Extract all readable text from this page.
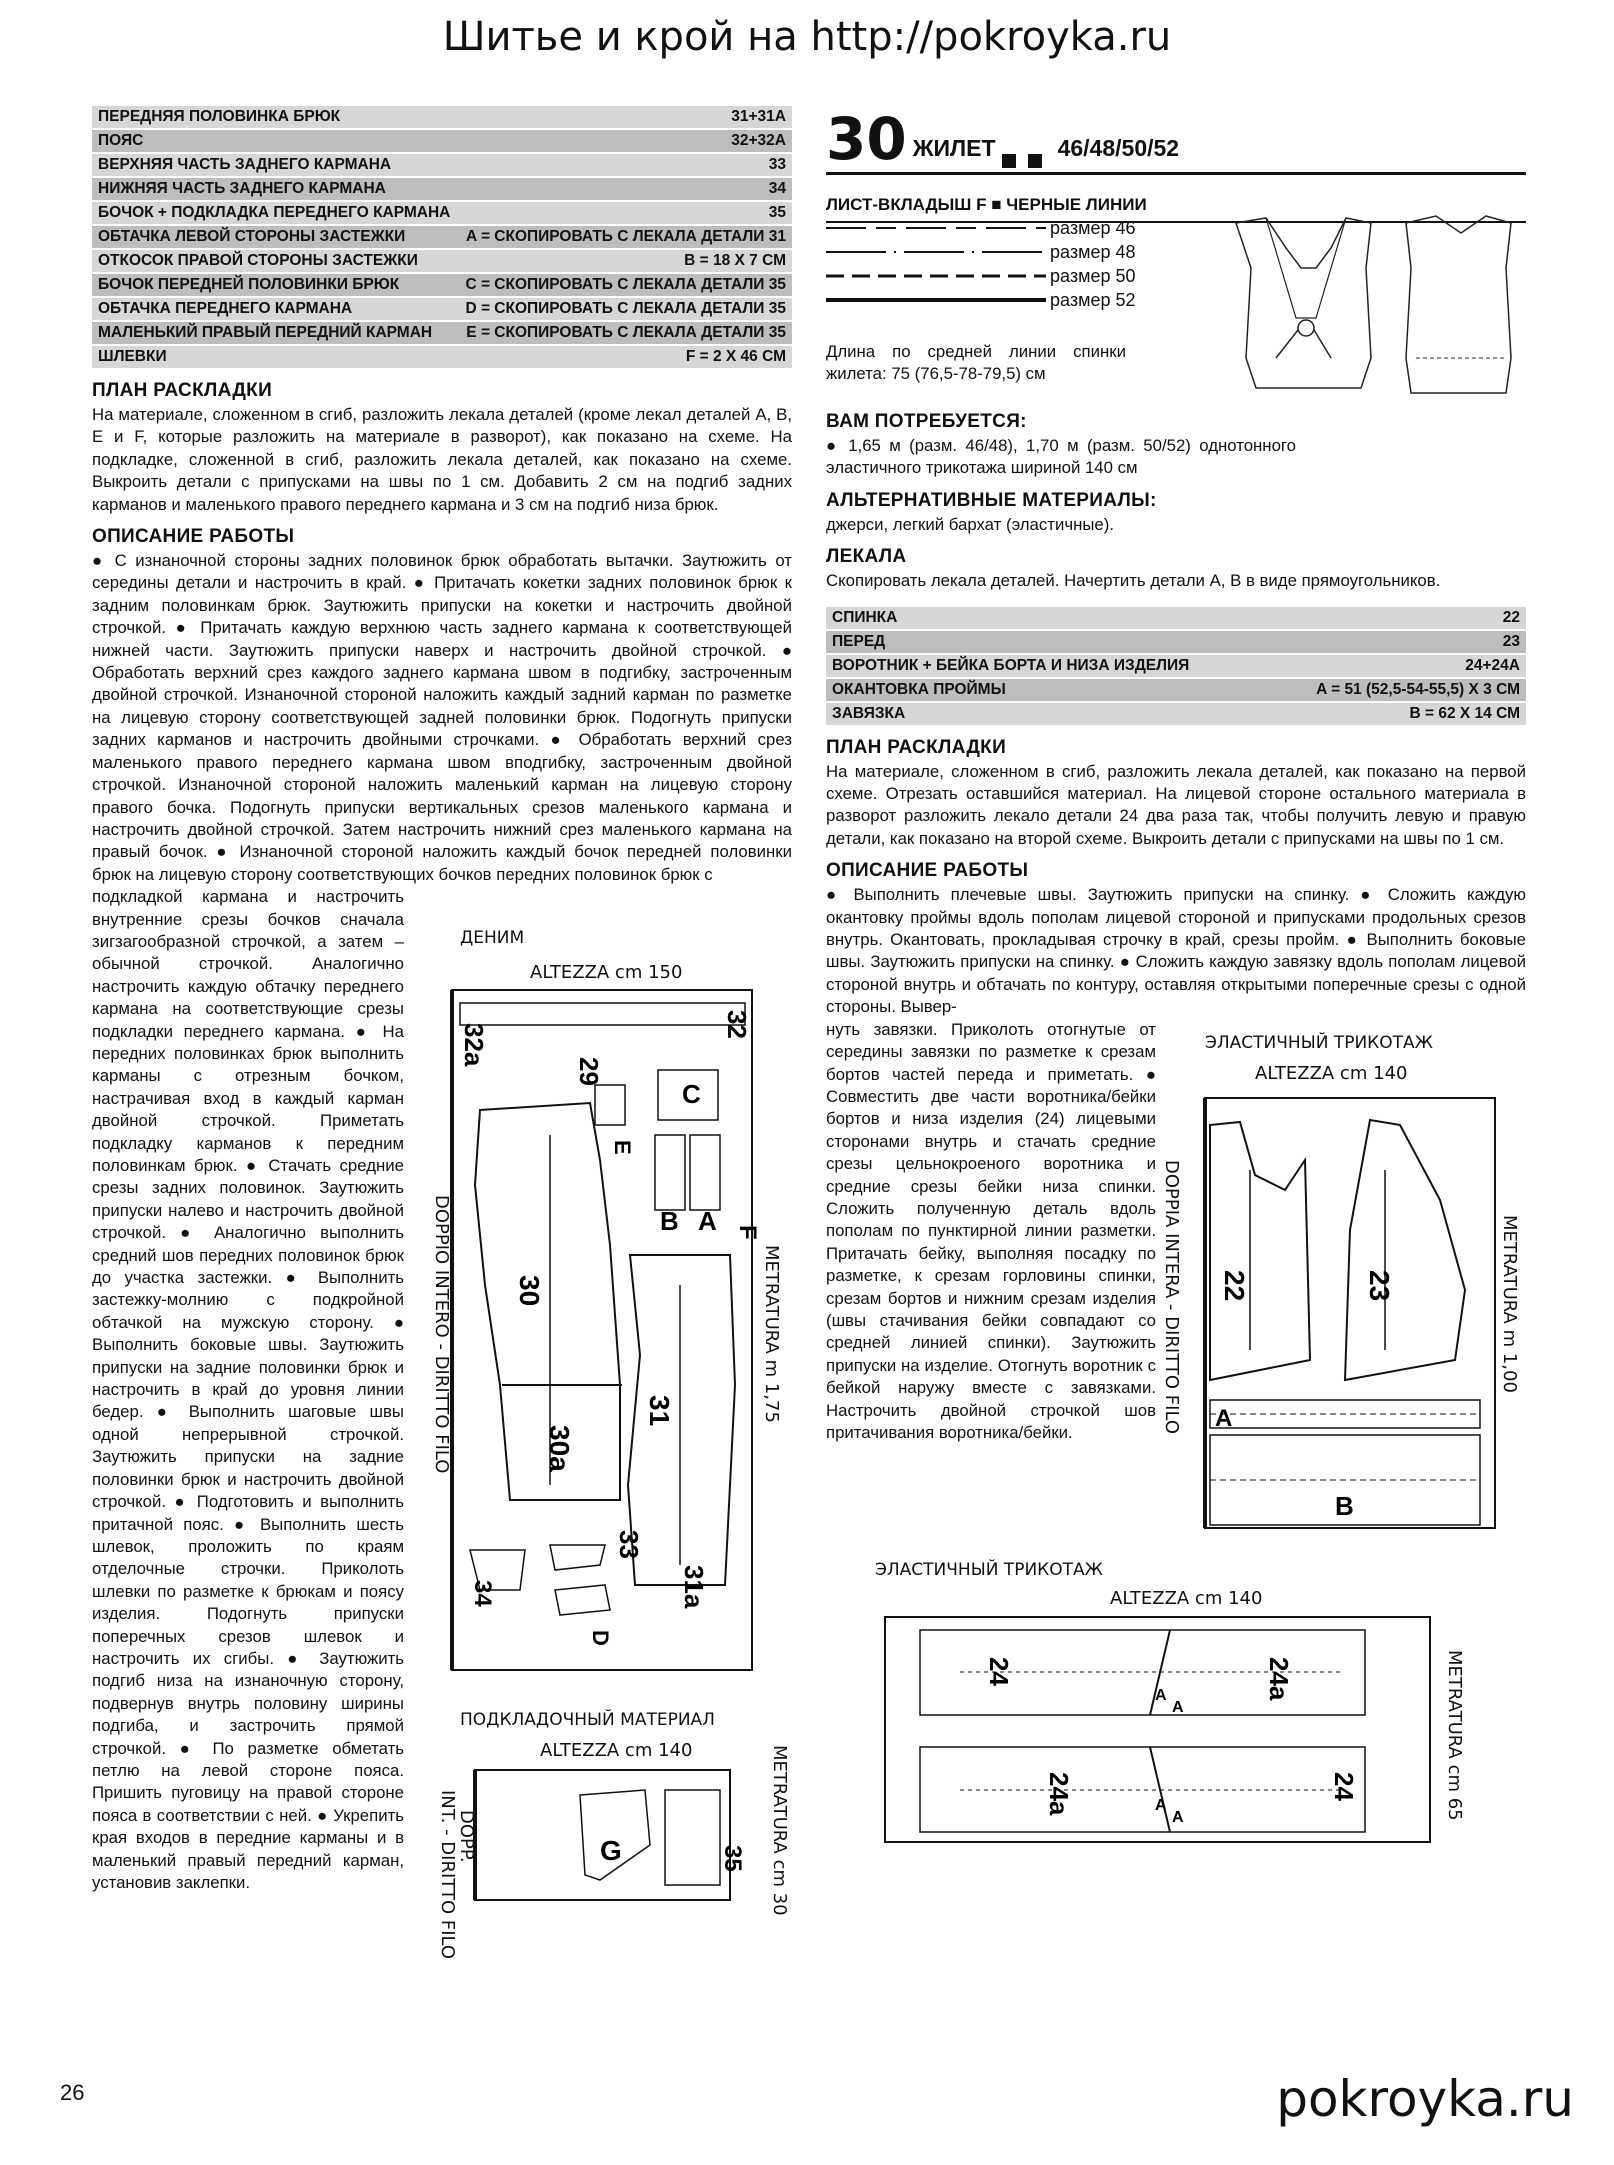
Шитье и крой на http://pokroyka.ru
ПЕРЕДНЯЯ ПОЛОВИНКА БРЮК	31+31A
ПОЯС	32+32A
ВЕРХНЯЯ ЧАСТЬ ЗАДНЕГО КАРМАНА	33
НИЖНЯЯ ЧАСТЬ ЗАДНЕГО КАРМАНА	34
БОЧОК + ПОДКЛАДКА ПЕРЕДНЕГО КАРМАНА	35
ОБТАЧКА ЛЕВОЙ СТОРОНЫ ЗАСТЕЖКИ	A = СКОПИРОВАТЬ С ЛЕКАЛА ДЕТАЛИ 31
ОТКОСОК ПРАВОЙ СТОРОНЫ ЗАСТЕЖКИ	B = 18 X 7 СМ
БОЧОК ПЕРЕДНЕЙ ПОЛОВИНКИ БРЮК	C = СКОПИРОВАТЬ С ЛЕКАЛА ДЕТАЛИ 35
ОБТАЧКА ПЕРЕДНЕГО КАРМАНА	D = СКОПИРОВАТЬ С ЛЕКАЛА ДЕТАЛИ 35
МАЛЕНЬКИЙ ПРАВЫЙ ПЕРЕДНИЙ КАРМАН	E = СКОПИРОВАТЬ С ЛЕКАЛА ДЕТАЛИ 35
ШЛЕВКИ	F = 2 X 46 СМ
ПЛАН РАСКЛАДКИ

На материале, сложенном в сгиб, разложить лекала деталей (кроме лекал деталей A, B, E и F, которые разложить на материале в разворот), как показано на схеме. На подкладке, сложенной в сгиб, разложить лекала деталей, как показано на схеме. Выкроить детали с припусками на швы по 1 см. Добавить 2 см на подгиб задних карманов и маленького правого переднего кармана и 3 см на подгиб низа брюк.

ОПИСАНИЕ РАБОТЫ

● С изнаночной стороны задних половинок брюк обработать вытачки. Заутюжить от середины детали и настрочить в край. ● Притачать кокетки задних половинок брюк к задним половинкам брюк. Заутюжить припуски на кокетки и настрочить двойной строчкой. ● Притачать каждую верхнюю часть заднего кармана к соответствующей нижней части. Заутюжить припуски наверх и настрочить двойной строчкой. ● Обработать верхний срез каждого заднего кармана швом в подгибку, застроченным двойной строчкой. Изнаночной стороной наложить каждый задний карман по разметке на лицевую сторону соответствующей задней половинки брюк. Подогнуть припуски задних карманов и настрочить двойными строчками. ● Обработать верхний срез маленького правого переднего кармана швом вподгибку, застроченным двойной строчкой. Изнаночной стороной наложить маленький карман на лицевую сторону правого бочка. Подогнуть припуски вертикальных срезов маленького кармана и настрочить двойной строчкой. Затем настрочить нижний срез маленького кармана на правый бочок. ● Изнаночной стороной наложить каждый бочок передней половинки брюк на лицевую сторону соответствующих бочков передних половинок брюк с

подкладкой кармана и настрочить внутренние срезы бочков сначала зигзагообразной строчкой, а затем – обычной строчкой. Аналогично настрочить каждую обтачку переднего кармана на соответствующие срезы подкладки переднего кармана. ● На передних половинках брюк выполнить карманы с отрезным бочком, настрачивая вход в каждый карман двойной строчкой. Приметать подкладку карманов к передним половинкам брюк. ● Стачать средние срезы задних половинок. Заутюжить припуски налево и настрочить двойной строчкой. ● Аналогично выполнить средний шов передних половинок брюк до участка застежки. ● Выполнить застежку-молнию с подкройной обтачкой на мужскую сторону. ● Выполнить боковые швы. Заутюжить припуски на задние половинки брюк и настрочить в край до уровня линии бедер. ● Выполнить шаговые швы одной непрерывной строчкой. Заутюжить припуски на задние половинки брюк и настрочить двойной строчкой. ● Подготовить и выполнить притачной пояс. ● Выполнить шесть шлевок, проложить по краям отделочные строчки. Приколоть шлевки по разметке к брюкам и поясу изделия. Подогнуть припуски поперечных срезов шлевок и настрочить их сгибы. ● Заутюжить подгиб низа на изнаночную сторону, подвернув внутрь половину ширины подгиба, и застрочить прямой строчкой. ● По разметке обметать петлю на левой стороне пояса. Пришить пуговицу на правой стороне пояса в соответствии с ней. ● Укрепить края входов в передние карманы и в маленький правый передний карман, установив заклепки.

ДЕНИМ
ALTEZZA cm 150
32a	32
29
C
E
B A F
30
31
30a
33
31a
34
D
DOPPIO INTERO - DIRITTO FILO	METRATURA m 1,75
ПОДКЛАДОЧНЫЙ МАТЕРИАЛ
ALTEZZA cm 140
G	35
DOPP.
INT. - DIRITTO FILO	METRATURA cm 30
30 ЖИЛЕТ	46/48/50/52
ЛИСТ-ВКЛАДЫШ F ■ ЧЕРНЫЕ ЛИНИИ
размер 46
размер 48
размер 50
размер 52

Длина по средней линии спинки жилета: 75 (76,5-78-79,5) см

ВАМ ПОТРЕБУЕТСЯ:

● 1,65 м (разм. 46/48), 1,70 м (разм. 50/52) однотонного эластичного трикотажа шириной 140 см

АЛЬТЕРНАТИВНЫЕ МАТЕРИАЛЫ:

джерси, легкий бархат (эластичные).

ЛЕКАЛА

Скопировать лекала деталей. Начертить детали A, B в виде прямоугольников.

СПИНКА	22
ПЕРЕД	23
ВОРОТНИК + БЕЙКА БОРТА И НИЗА ИЗДЕЛИЯ	24+24A
ОКАНТОВКА ПРОЙМЫ	A = 51 (52,5-54-55,5) X 3 СМ
ЗАВЯЗКА	B = 62 X 14 СМ
ПЛАН РАСКЛАДКИ

На материале, сложенном в сгиб, разложить лекала деталей, как показано на первой схеме. Отрезать оставшийся материал. На лицевой стороне остального материала в разворот разложить лекало детали 24 два раза так, чтобы получить левую и правую детали, как показано на второй схеме. Выкроить детали с припусками на швы по 1 см.

ОПИСАНИЕ РАБОТЫ

● Выполнить плечевые швы. Заутюжить припуски на спинку. ● Сложить каждую окантовку проймы вдоль пополам лицевой стороной и припусками продольных срезов внутрь. Окантовать, прокладывая строчку в край, срезы пройм. ● Выполнить боковые швы. Заутюжить припуски на спинку. ● Сложить каждую завязку вдоль пополам лицевой стороной внутрь и обтачать по контуру, оставляя открытыми поперечные срезы с одной стороны. Вывер-

нуть завязки. Приколоть отогнутые от середины завязки по разметке к срезам бортов частей переда и приметать. ● Совместить две части воротника/бейки бортов и низа изделия (24) лицевыми сторонами внутрь и стачать средние срезы цельнокроеного воротника и средние срезы бейки низа спинки. Сложить полученную деталь вдоль пополам по пунктирной линии разметки. Притачать бейку, выполняя посадку по разметке, к срезам горловины спинки, срезам бортов и нижним срезам изделия (швы стачивания бейки совпадают со средней линией спинки). Заутюжить припуски на изделие. Отогнуть воротник с бейкой наружу вместе с завязками. Настрочить двойной строчкой шов притачивания воротника/бейки.

ЭЛАСТИЧНЫЙ ТРИКОТАЖ
ALTEZZA cm 140
22	23
A
B
DOPPIA INTERA - DIRITTO FILO	METRATURA m 1,00
ЭЛАСТИЧНЫЙ ТРИКОТАЖ
ALTEZZA cm 140
24	24a
24a	24
A
A
A
A	METRATURA cm 65
26	pokroyka.ru
